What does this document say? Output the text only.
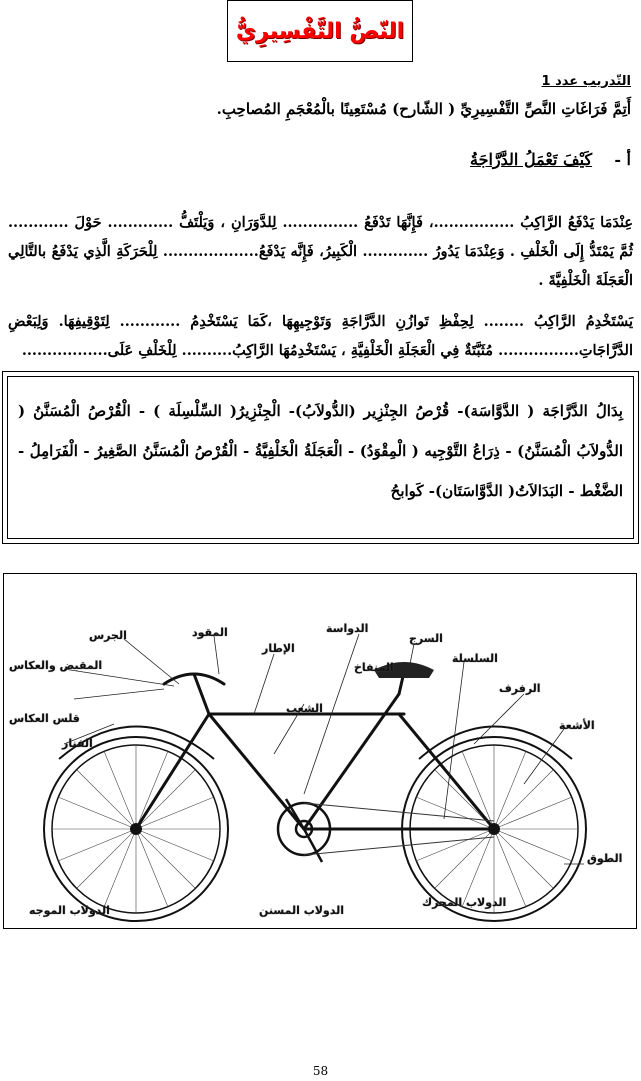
النّصُّ التَّفْسِيرِيُّ
التّدريب عدد 1
أَتِمَّ فَرَاغَاتِ النَّصِّ التَّفْسِيرِيِّ ( الشّارح) مُسْتَعِينًا بالْمُعْجَمِ المُصاحِبِ.
أ -    كَيْفَ تَعْمَلُ الدَّرَّاجَةُ
عِنْدَمَا يَدْفَعُ الرَّاكِبُ ................، فَإِنَّهَا تَدْفَعُ ............... لِلدَّوَرَانِ ، وَيَلْتَفُّ ............. حَوْلَ ............ ثُمَّ يَمْتَدُّ إِلَى الْخَلْفِ . وَعِنْدَمَا يَدُورُ ............. الْكَبِيرُ، فَإِنَّه يَدْفَعُ................... لِلْحَرَكَةِ الَّذِي يَدْفَعُ بالتَّالِي الْعَجَلَةَ الْخَلْفِيَّةَ .
يَسْتَخْدِمُ الرَّاكِبُ ........ لِحِفْظِ تَوازُنِ الدَّرَّاجَةِ وَتَوْجِيهِهَا ،كَمَا يَسْتَخْدِمُ ............ لِتَوْقِيفِهَا. وَلِبَعْضِ الدَّرَّاجَاتِ................ مُثَبَّتَةٌ فِي الْعَجَلَةِ الْخَلْفِيَّةِ ، يَسْتَخْدِمُهَا الرَّاكِبُ.......... لِلْخَلْفِ عَلَى.................
بِدَالُ الدَّرَّاجَة ( الدَّوَّاسَة)- قُرْصُ الجِنْزِير (الدُّولاَبُ)- الْجِنْزِيرُ( السِّلْسِلَة ) - الْقُرْصُ الْمُسَنَّنُ ( الدُّولاَبُ الْمُسَنَّنُ) - ذِرَاعُ التَّوْجِيه ( الْمِقْوَدُ) - الْعَجَلَةُ الْخَلْفِيَّةُ - الْقُرْصُ الْمُسَنَّنُ الصَّغِيرُ - الْفَرَامِلُ - الضَّغْط - البَدَالاَتُ( الدَّوَّاسَتَان)- كَوابحُ
الجرس
المقبض والعكاس
قلس العكاس
الفنار
المقود
الإطار
الدواسة
المنفاخ
السرج
السلسلة
الرفرف
الأشعة
الشعب
الطوق
الدولاب الموجه	الدولاب المسنن
الدولاب المحرك
58
